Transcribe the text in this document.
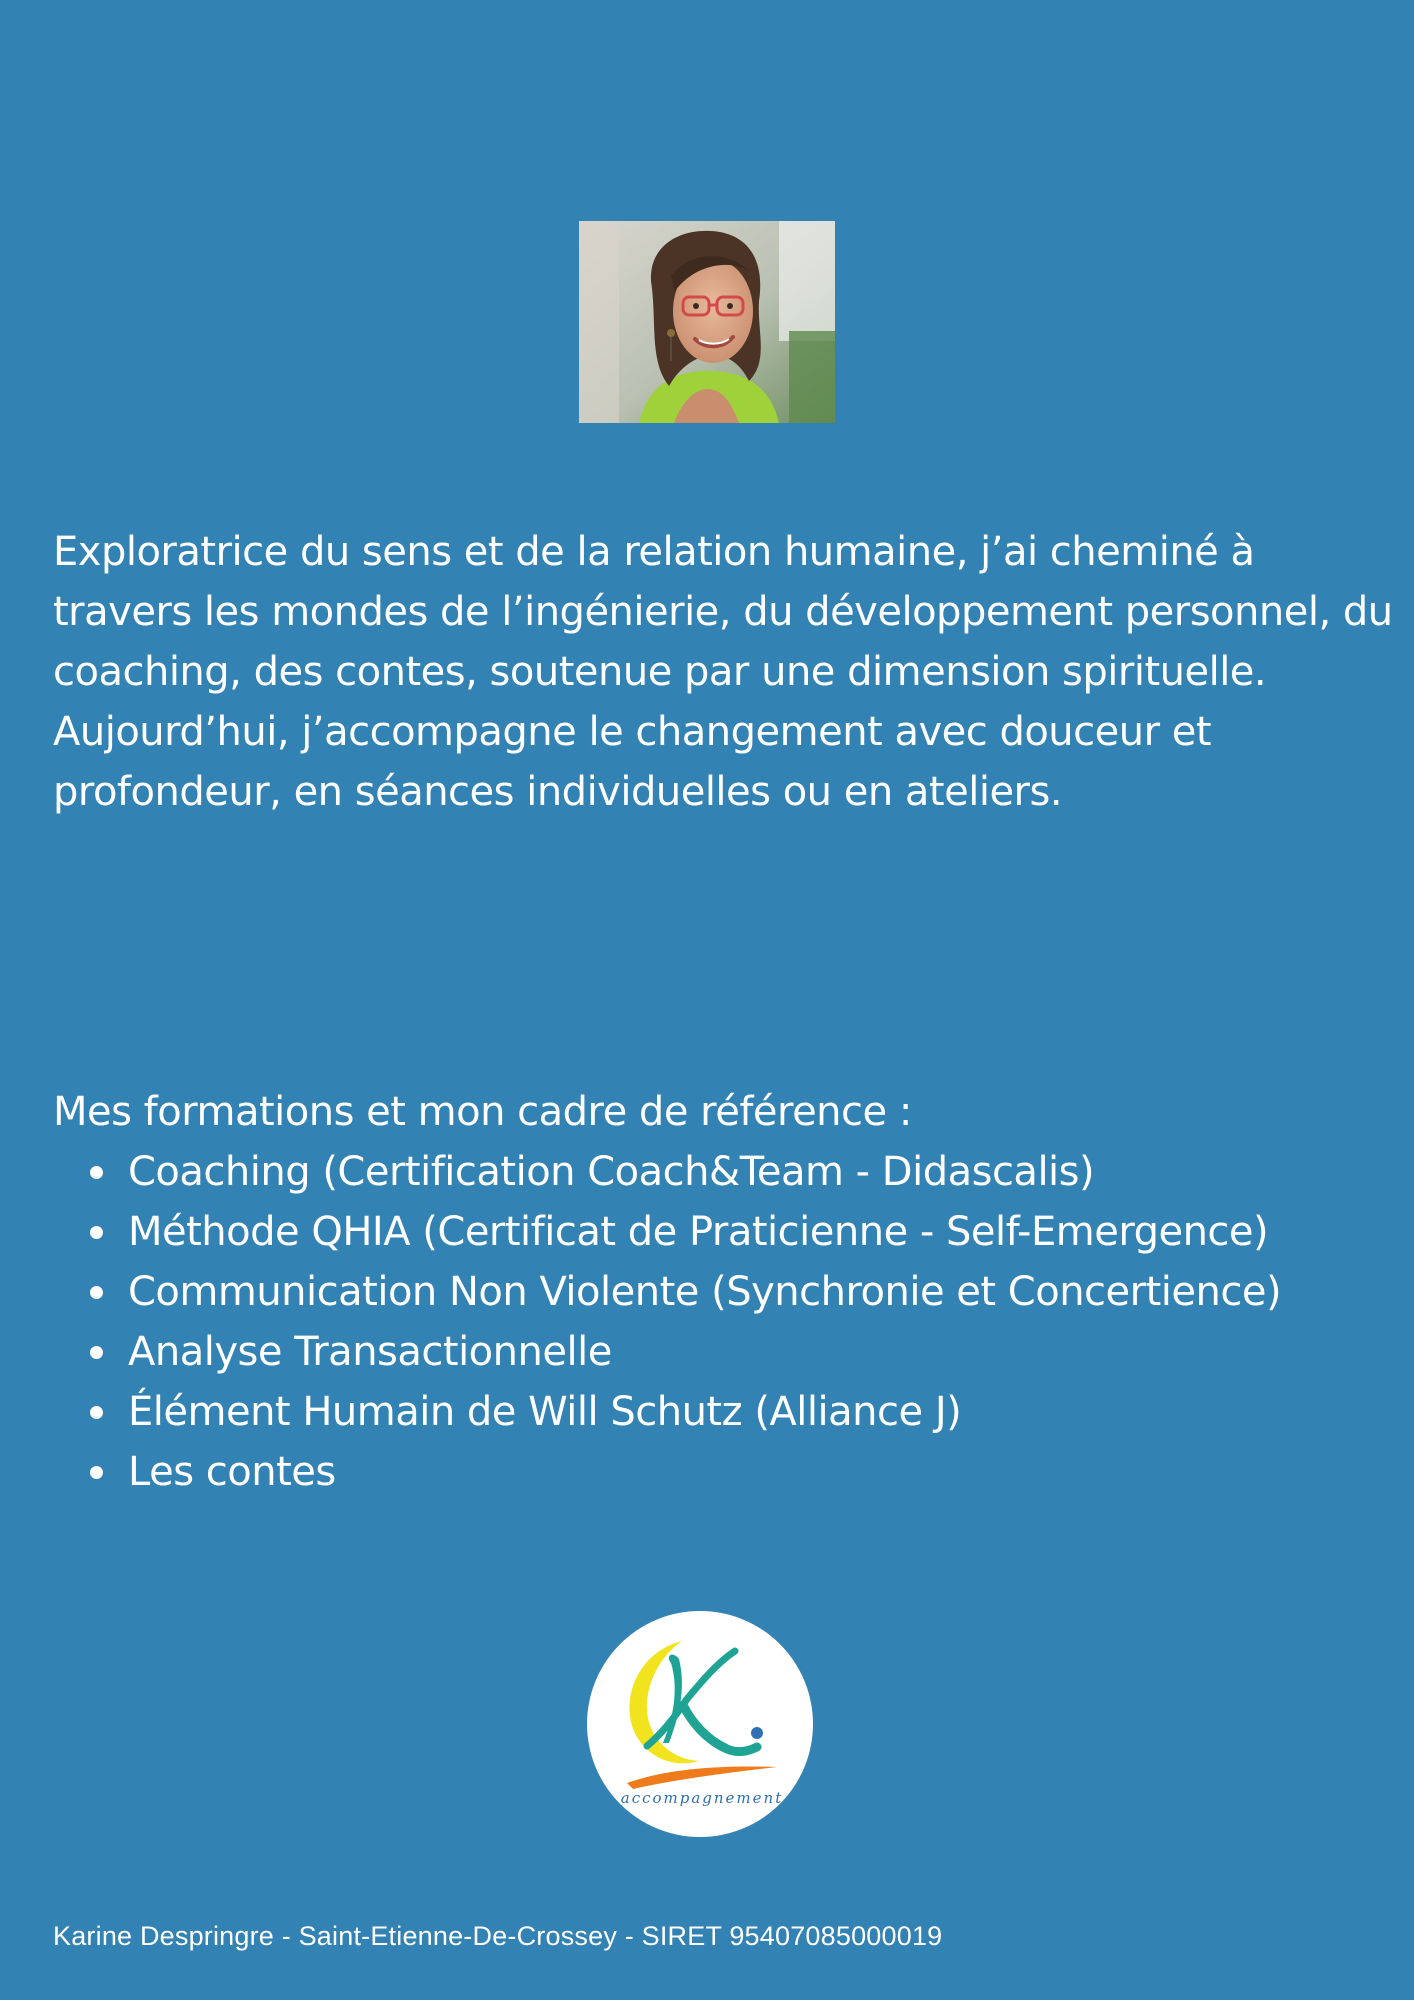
Exploratrice du sens et de la relation humaine, j’ai cheminé à travers les mondes de l’ingénierie, du développement personnel, du coaching, des contes, soutenue par une dimension spirituelle. Aujourd’hui, j’accompagne le changement avec douceur et profondeur, en séances individuelles ou en ateliers.

Mes formations et mon cadre de référence :

Coaching (Certification Coach&Team - Didascalis)
Méthode QHIA (Certificat de Praticienne - Self-Emergence)
Communication Non Violente (Synchronie et Concertience)
Analyse Transactionnelle
Élément Humain de Will Schutz (Alliance J)
Les contes
accompagnement

Karine Despringre - Saint-Etienne-De-Crossey - SIRET 95407085000019
